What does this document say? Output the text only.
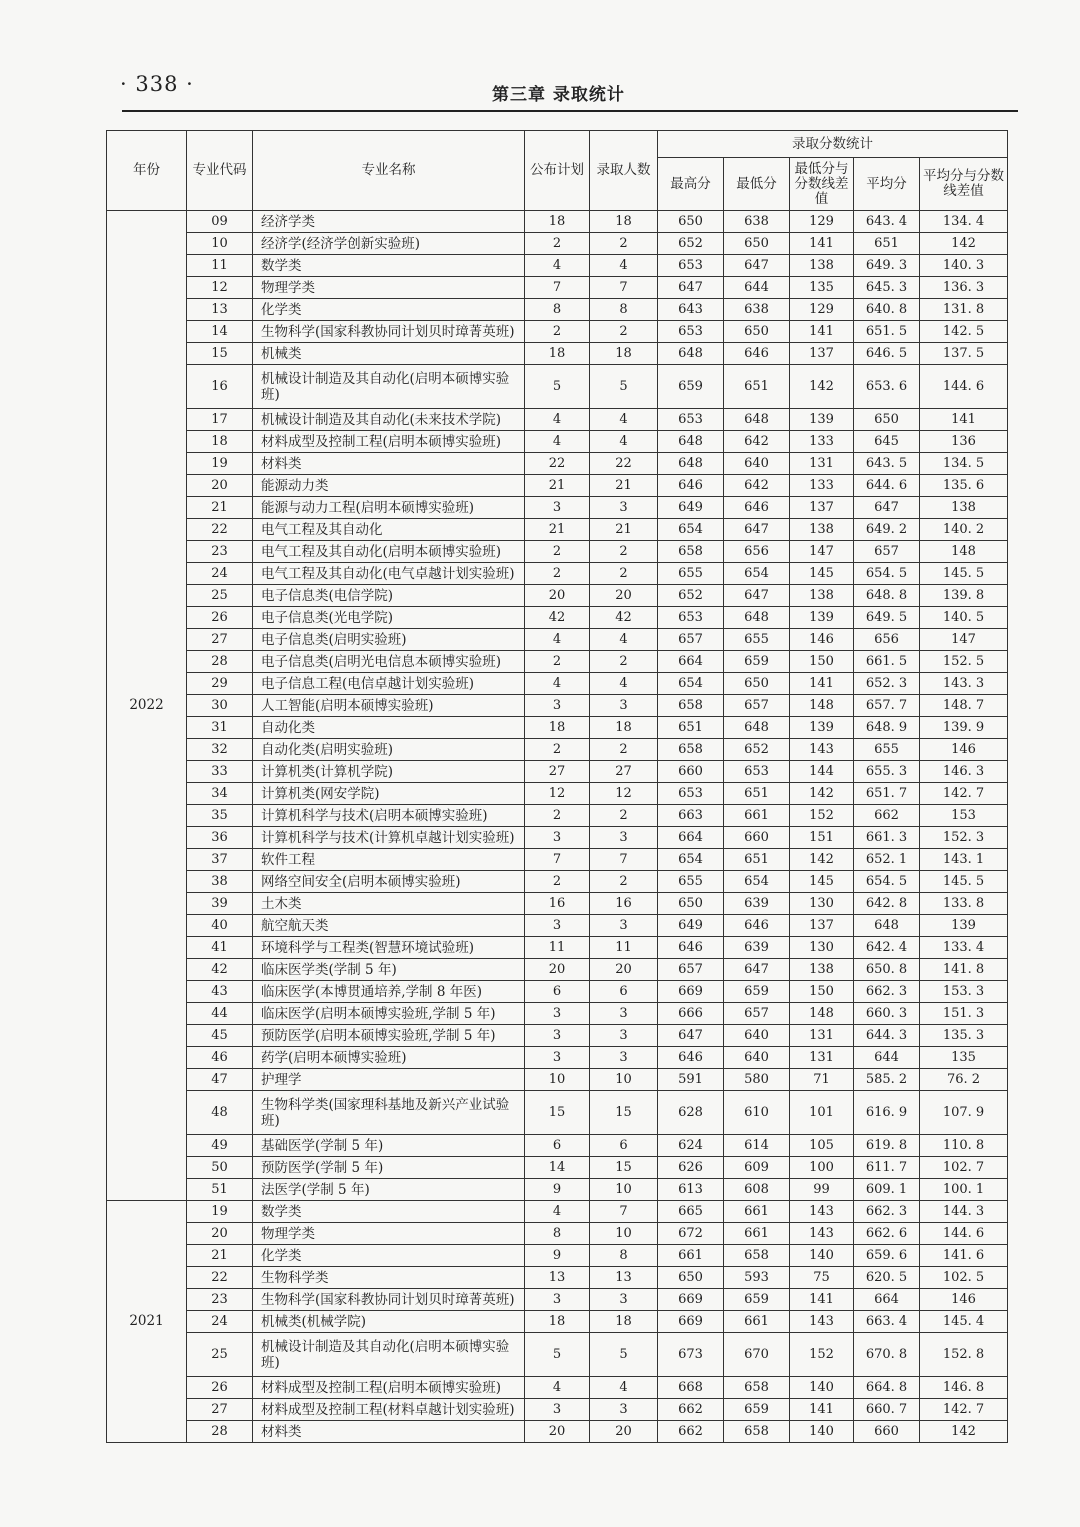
· 338 ·	第三章 录取统计
年份	专业代码	专业名称	公布计划	录取人数	录取分数统计				
					最高分	最低分	最低分与分数线差值	平均分	平均分与分数线差值
2022	09	经济学类	18	18	650	638	129	643. 4	134. 4
	10	经济学(经济学创新实验班)	2	2	652	650	141	651	142
	11	数学类	4	4	653	647	138	649. 3	140. 3
	12	物理学类	7	7	647	644	135	645. 3	136. 3
	13	化学类	8	8	643	638	129	640. 8	131. 8
	14	生物科学(国家科教协同计划贝时璋菁英班)	2	2	653	650	141	651. 5	142. 5
	15	机械类	18	18	648	646	137	646. 5	137. 5
	16	机械设计制造及其自动化(启明本硕博实验班)	5	5	659	651	142	653. 6	144. 6
	17	机械设计制造及其自动化(未来技术学院)	4	4	653	648	139	650	141
	18	材料成型及控制工程(启明本硕博实验班)	4	4	648	642	133	645	136
	19	材料类	22	22	648	640	131	643. 5	134. 5
	20	能源动力类	21	21	646	642	133	644. 6	135. 6
	21	能源与动力工程(启明本硕博实验班)	3	3	649	646	137	647	138
	22	电气工程及其自动化	21	21	654	647	138	649. 2	140. 2
	23	电气工程及其自动化(启明本硕博实验班)	2	2	658	656	147	657	148
	24	电气工程及其自动化(电气卓越计划实验班)	2	2	655	654	145	654. 5	145. 5
	25	电子信息类(电信学院)	20	20	652	647	138	648. 8	139. 8
	26	电子信息类(光电学院)	42	42	653	648	139	649. 5	140. 5
	27	电子信息类(启明实验班)	4	4	657	655	146	656	147
	28	电子信息类(启明光电信息本硕博实验班)	2	2	664	659	150	661. 5	152. 5
	29	电子信息工程(电信卓越计划实验班)	4	4	654	650	141	652. 3	143. 3
	30	人工智能(启明本硕博实验班)	3	3	658	657	148	657. 7	148. 7
	31	自动化类	18	18	651	648	139	648. 9	139. 9
	32	自动化类(启明实验班)	2	2	658	652	143	655	146
	33	计算机类(计算机学院)	27	27	660	653	144	655. 3	146. 3
	34	计算机类(网安学院)	12	12	653	651	142	651. 7	142. 7
	35	计算机科学与技术(启明本硕博实验班)	2	2	663	661	152	662	153
	36	计算机科学与技术(计算机卓越计划实验班)	3	3	664	660	151	661. 3	152. 3
	37	软件工程	7	7	654	651	142	652. 1	143. 1
	38	网络空间安全(启明本硕博实验班)	2	2	655	654	145	654. 5	145. 5
	39	土木类	16	16	650	639	130	642. 8	133. 8
	40	航空航天类	3	3	649	646	137	648	139
	41	环境科学与工程类(智慧环境试验班)	11	11	646	639	130	642. 4	133. 4
	42	临床医学类(学制 5 年)	20	20	657	647	138	650. 8	141. 8
	43	临床医学(本博贯通培养,学制 8 年医)	6	6	669	659	150	662. 3	153. 3
	44	临床医学(启明本硕博实验班,学制 5 年)	3	3	666	657	148	660. 3	151. 3
	45	预防医学(启明本硕博实验班,学制 5 年)	3	3	647	640	131	644. 3	135. 3
	46	药学(启明本硕博实验班)	3	3	646	640	131	644	135
	47	护理学	10	10	591	580	71	585. 2	76. 2
	48	生物科学类(国家理科基地及新兴产业试验班)	15	15	628	610	101	616. 9	107. 9
	49	基础医学(学制 5 年)	6	6	624	614	105	619. 8	110. 8
	50	预防医学(学制 5 年)	14	15	626	609	100	611. 7	102. 7
	51	法医学(学制 5 年)	9	10	613	608	99	609. 1	100. 1
2021	19	数学类	4	7	665	661	143	662. 3	144. 3
	20	物理学类	8	10	672	661	143	662. 6	144. 6
	21	化学类	9	8	661	658	140	659. 6	141. 6
	22	生物科学类	13	13	650	593	75	620. 5	102. 5
	23	生物科学(国家科教协同计划贝时璋菁英班)	3	3	669	659	141	664	146
	24	机械类(机械学院)	18	18	669	661	143	663. 4	145. 4
	25	机械设计制造及其自动化(启明本硕博实验班)	5	5	673	670	152	670. 8	152. 8
	26	材料成型及控制工程(启明本硕博实验班)	4	4	668	658	140	664. 8	146. 8
	27	材料成型及控制工程(材料卓越计划实验班)	3	3	662	659	141	660. 7	142. 7
	28	材料类	20	20	662	658	140	660	142
